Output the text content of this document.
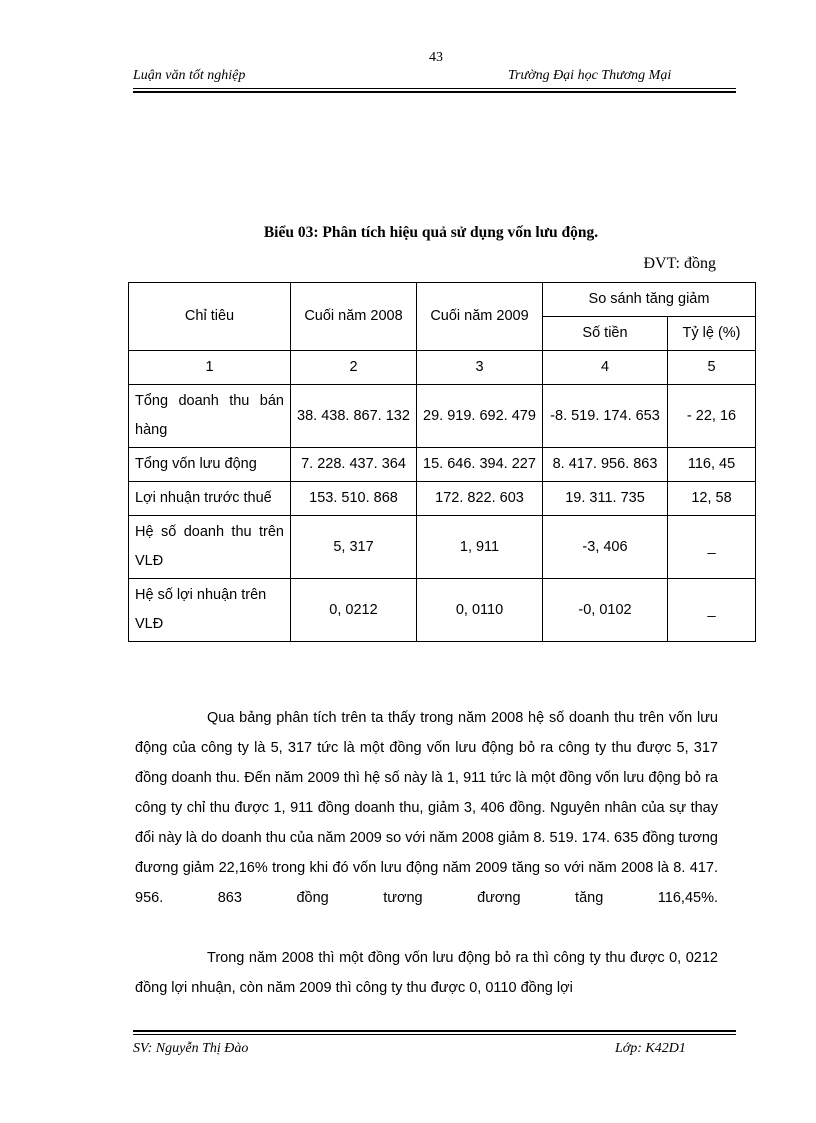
43
Luận văn tốt nghiệp	Trường Đại học Thương Mại
Biểu 03: Phân tích hiệu quả sử dụng vốn lưu động.
ĐVT: đồng
Chỉ tiêu	Cuối năm 2008	Cuối năm 2009	So sánh tăng giảm	
			Số tiền	Tỷ lệ (%)
1	2	3	4	5
Tổng doanh thu bán hàng	38. 438. 867. 132	29. 919. 692. 479	-8. 519. 174. 653	- 22, 16
Tổng vốn lưu động	7. 228. 437. 364	15. 646. 394. 227	8. 417. 956. 863	116, 45
Lợi nhuận trước thuế	153. 510. 868	172. 822. 603	19. 311. 735	12, 58
Hệ số doanh thu trên VLĐ	5, 317	1, 911	-3, 406	_
Hệ số lợi nhuận trên VLĐ	0, 0212	0, 0110	-0, 0102	_

Qua bảng phân tích trên ta thấy trong năm 2008 hệ số doanh thu trên vốn lưu động của công ty là 5, 317 tức là một đồng vốn lưu động bỏ ra công ty thu được 5, 317 đồng doanh thu. Đến năm 2009 thì hệ số này là 1, 911 tức là một đồng vốn lưu động bỏ ra công ty chỉ thu được 1, 911 đồng doanh thu, giảm 3, 406 đồng. Nguyên nhân của sự thay đổi này là do doanh thu của năm 2009 so với năm 2008 giảm 8. 519. 174. 635 đồng tương đương giảm 22,16% trong khi đó vốn lưu động năm 2009 tăng so với năm 2008 là 8. 417. 956. 863 đồng tương đương tăng 116,45%.

Trong năm 2008 thì một đồng vốn lưu động bỏ ra thì công ty thu được 0, 0212 đồng lợi nhuận, còn năm 2009 thì công ty thu được 0, 0110 đồng lợi

SV: Nguyễn Thị Đào	Lớp: K42D1
